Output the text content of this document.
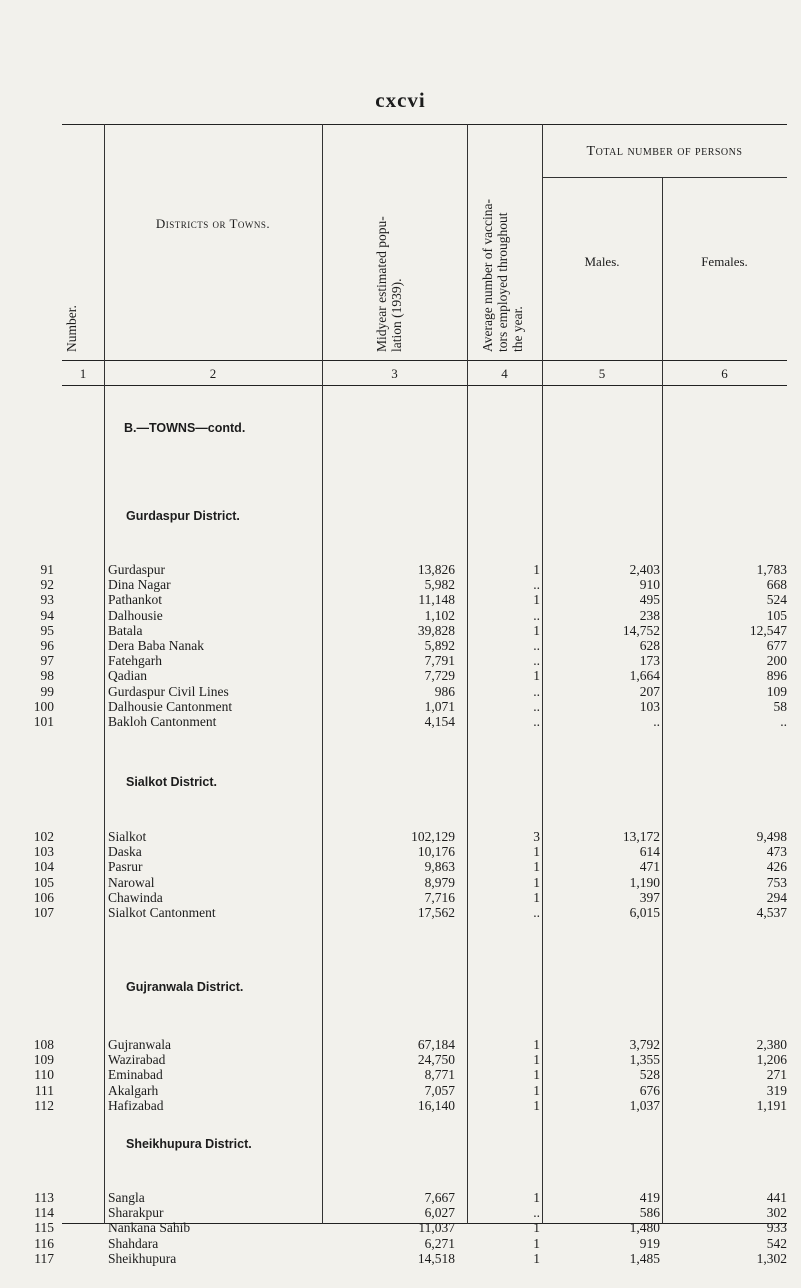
cxcvi
Number.
Districts or Towns.
Midyear estimated popu-
lation (1939).
Average number of vaccina-
tors employed throughout
the year.
Total number of persons
Males.	Females.
1	2	3	4	5	6
B.—TOWNS—contd.
Gurdaspur District.
91	Gurdaspur	13,826	1	2,403	1,783
92	Dina Nagar	5,982	..	910	668
93	Pathankot	11,148	1	495	524
94	Dalhousie	1,102	..	238	105
95	Batala	39,828	1	14,752	12,547
96	Dera Baba Nanak	5,892	..	628	677
97	Fatehgarh	7,791	..	173	200
98	Qadian	7,729	1	1,664	896
99	Gurdaspur Civil Lines	986	..	207	109
100	Dalhousie Cantonment	1,071	..	103	58
101	Bakloh Cantonment	4,154	..	..	..
Sialkot District.
102	Sialkot	102,129	3	13,172	9,498
103	Daska	10,176	1	614	473
104	Pasrur	9,863	1	471	426
105	Narowal	8,979	1	1,190	753
106	Chawinda	7,716	1	397	294
107	Sialkot Cantonment	17,562	..	6,015	4,537
Gujranwala District.
108	Gujranwala	67,184	1	3,792	2,380
109	Wazirabad	24,750	1	1,355	1,206
110	Eminabad	8,771	1	528	271
111	Akalgarh	7,057	1	676	319
112	Hafizabad	16,140	1	1,037	1,191
Sheikhupura District.
113	Sangla	7,667	1	419	441
114	Sharakpur	6,027	..	586	302
115	Nankana Sahib	11,037	1	1,480	933
116	Shahdara	6,271	1	919	542
117	Sheikhupura	14,518	1	1,485	1,302
